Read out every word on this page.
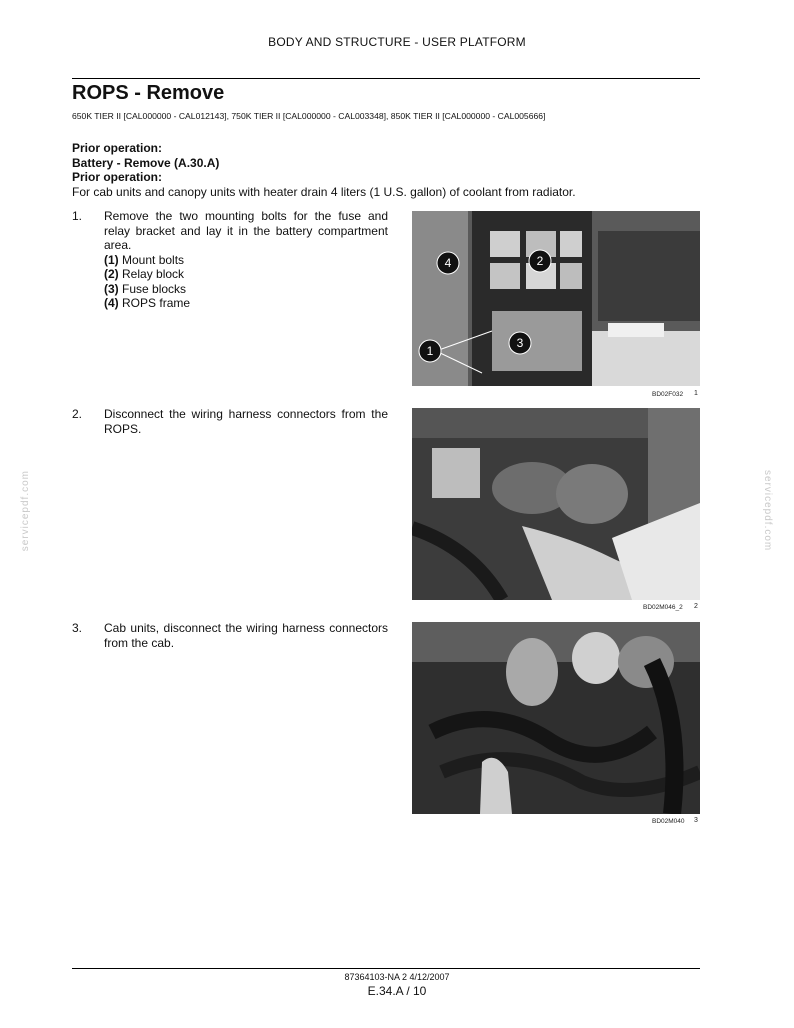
BODY AND STRUCTURE - USER PLATFORM
ROPS - Remove
650K TIER II [CAL000000 - CAL012143], 750K TIER II [CAL000000 - CAL003348], 850K TIER II [CAL000000 - CAL005666]
Prior operation:
Battery - Remove (A.30.A)
Prior operation:
For cab units and canopy units with heater drain 4 liters (1 U.S. gallon) of coolant from radiator.
1. Remove the two mounting bolts for the fuse and relay bracket and lay it in the battery compartment area.
(1) Mount bolts
(2) Relay block
(3) Fuse blocks
(4) ROPS frame
4	2
3
1
BD02F032 1
2. Disconnect the wiring harness connectors from the ROPS.
BD02M046_2 2
3. Cab units, disconnect the wiring harness connectors from the cab.
BD02M040 3
servicepdf.com	servicepdf.com
87364103-NA 2 4/12/2007
E.34.A / 10
